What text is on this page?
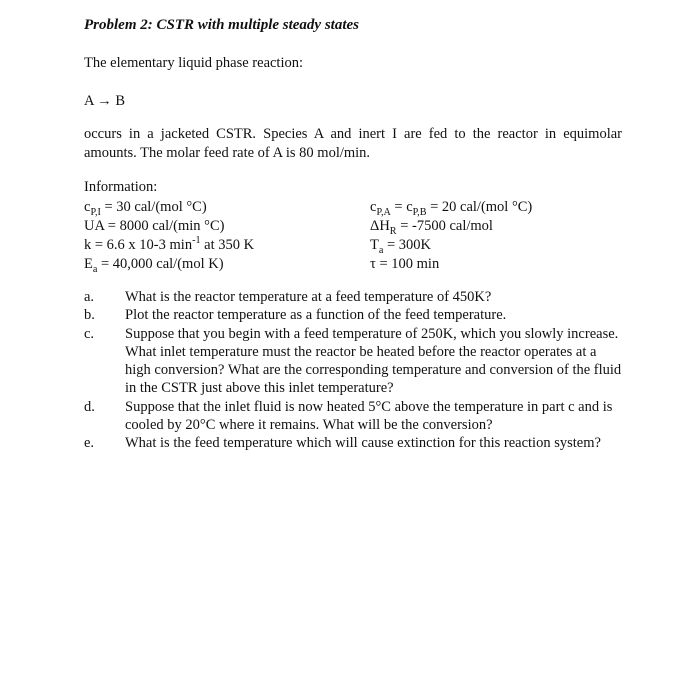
Problem 2: CSTR with multiple steady states
The elementary liquid phase reaction:
A → B
occurs in a jacketed CSTR. Species A and inert I are fed to the reactor in equimolar amounts. The molar feed rate of A is 80 mol/min.
Information:
$c_{P,I} = 30$ cal/(mol °C)
UA = 8000 cal/(min °C)
k = 6.6 x 10-3 $\min^{-1}$ at 350 K
$E_a = 40,000$ cal/(mol K)
$c_{P,A} = c_{P,B} = 20$ cal/(mol °C)
$\Delta H_R = -7500$ cal/mol
$T_a = 300K$
τ = 100 min
a. What is the reactor temperature at a feed temperature of 450K?
b. Plot the reactor temperature as a function of the feed temperature.
c. Suppose that you begin with a feed temperature of 250K, which you slowly increase. What inlet temperature must the reactor be heated before the reactor operates at a high conversion? What are the corresponding temperature and conversion of the fluid in the CSTR just above this inlet temperature?
d. Suppose that the inlet fluid is now heated 5°C above the temperature in part c and is cooled by 20°C where it remains. What will be the conversion?
e. What is the feed temperature which will cause extinction for this reaction system?
